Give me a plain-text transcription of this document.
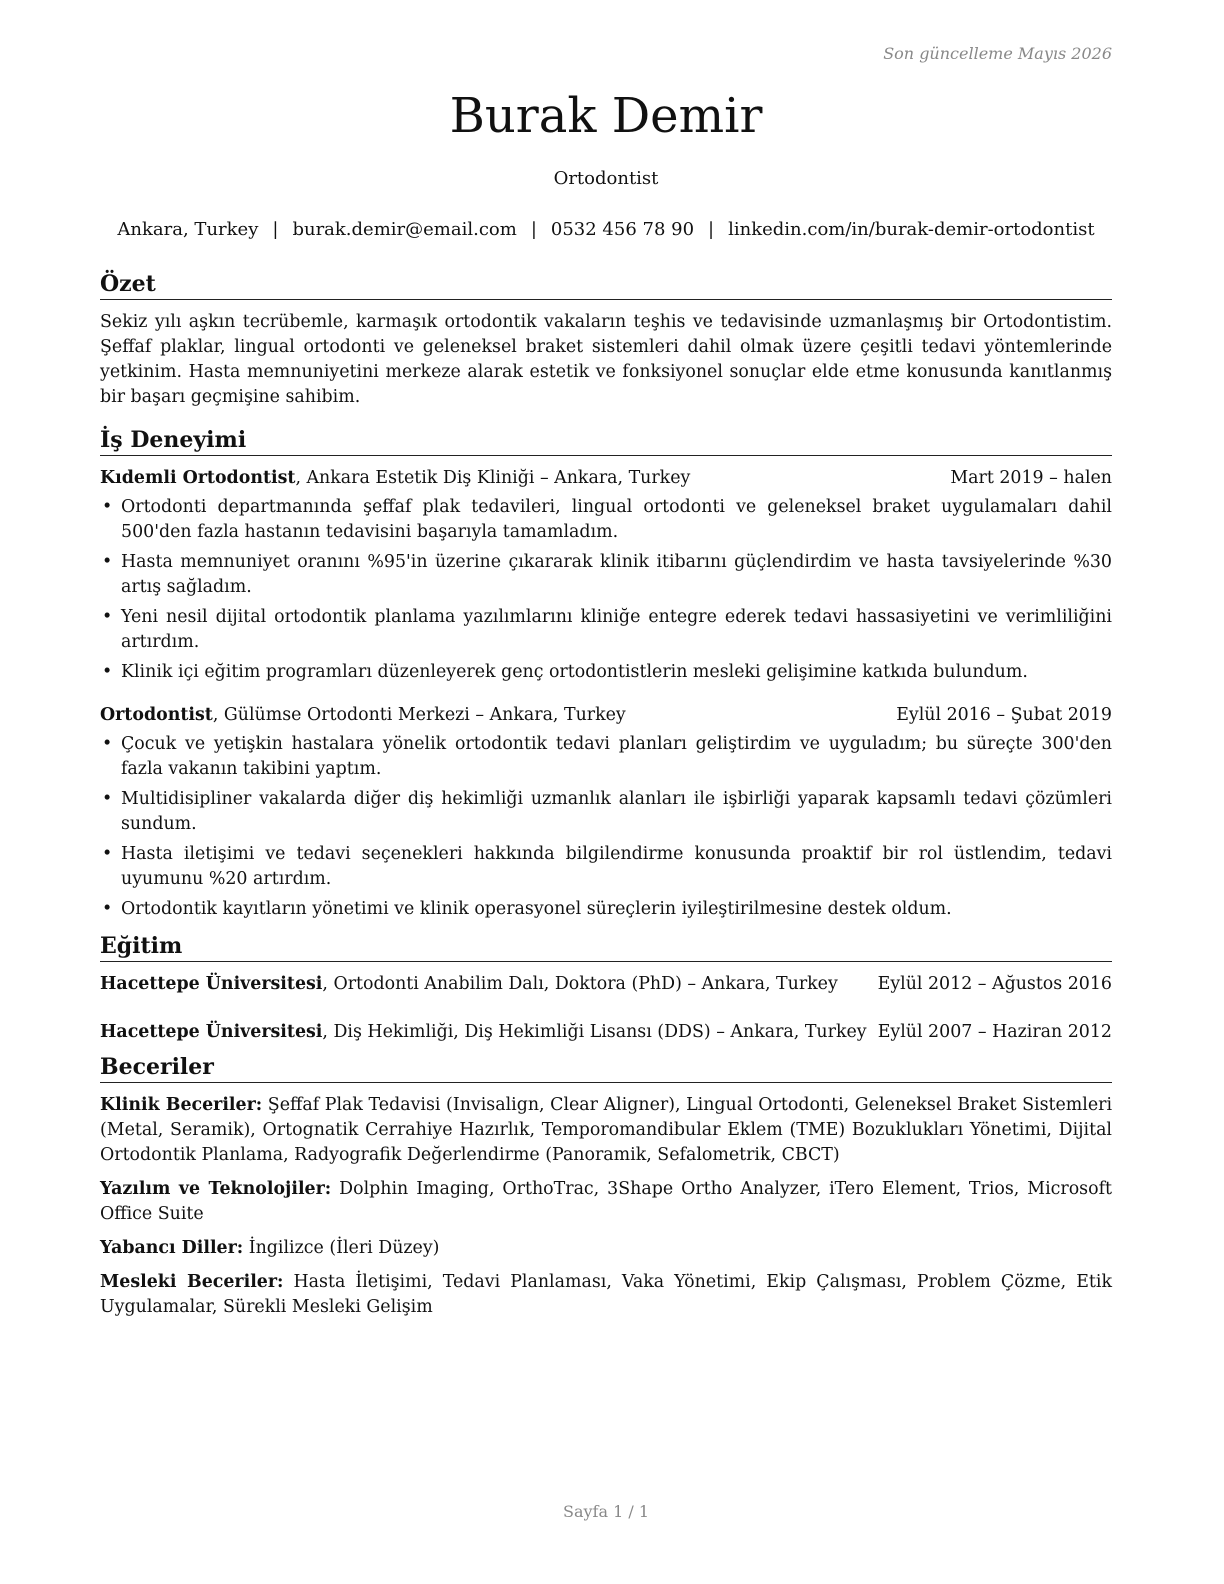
Son güncelleme Mayıs 2026
Burak Demir
Ortodontist
Ankara, Turkey | burak.demir@email.com | 0532 456 78 90 | linkedin.com/in/burak-demir-ortodontist
Özet

Sekiz yılı aşkın tecrübemle, karmaşık ortodontik vakaların teşhis ve tedavisinde uzmanlaşmış bir Ortodontistim. Şeffaf plaklar, lingual ortodonti ve geleneksel braket sistemleri dahil olmak üzere çeşitli tedavi yöntemlerinde yetkinim. Hasta memnuniyetini merkeze alarak estetik ve fonksiyonel sonuçlar elde etme konusunda kanıtlanmış bir başarı geçmişine sahibim.

İş Deneyimi
Kıdemli Ortodontist, Ankara Estetik Diş Kliniği – Ankara, Turkey	Mart 2019 – halen
• Ortodonti departmanında şeffaf plak tedavileri, lingual ortodonti ve geleneksel braket uygulamaları dahil 500'den fazla hastanın tedavisini başarıyla tamamladım.
• Hasta memnuniyet oranını %95'in üzerine çıkararak klinik itibarını güçlendirdim ve hasta tavsiyelerinde %30 artış sağladım.
• Yeni nesil dijital ortodontik planlama yazılımlarını kliniğe entegre ederek tedavi hassasiyetini ve verimliliğini artırdım.
• Klinik içi eğitim programları düzenleyerek genç ortodontistlerin mesleki gelişimine katkıda bulundum.
Ortodontist, Gülümse Ortodonti Merkezi – Ankara, Turkey	Eylül 2016 – Şubat 2019
• Çocuk ve yetişkin hastalara yönelik ortodontik tedavi planları geliştirdim ve uyguladım; bu süreçte 300'den fazla vakanın takibini yaptım.
• Multidisipliner vakalarda diğer diş hekimliği uzmanlık alanları ile işbirliği yaparak kapsamlı tedavi çözümleri sundum.
• Hasta iletişimi ve tedavi seçenekleri hakkında bilgilendirme konusunda proaktif bir rol üstlendim, tedavi uyumunu %20 artırdım.
• Ortodontik kayıtların yönetimi ve klinik operasyonel süreçlerin iyileştirilmesine destek oldum.
Eğitim
Hacettepe Üniversitesi, Ortodonti Anabilim Dalı, Doktora (PhD) – Ankara, Turkey Eylül 2012 – Ağustos 2016
Hacettepe Üniversitesi, Diş Hekimliği, Diş Hekimliği Lisansı (DDS) – Ankara, Turkey Eylül 2007 – Haziran 2012
Beceriler

Klinik Beceriler: Şeffaf Plak Tedavisi (Invisalign, Clear Aligner), Lingual Ortodonti, Geleneksel Braket Sistemleri (Metal, Seramik), Ortognatik Cerrahiye Hazırlık, Temporomandibular Eklem (TME) Bozuklukları Yönetimi, Dijital Ortodontik Planlama, Radyografik Değerlendirme (Panoramik, Sefalometrik, CBCT)

Yazılım ve Teknolojiler: Dolphin Imaging, OrthoTrac, 3Shape Ortho Analyzer, iTero Element, Trios, Microsoft Office Suite

Yabancı Diller: İngilizce (İleri Düzey)

Mesleki Beceriler: Hasta İletişimi, Tedavi Planlaması, Vaka Yönetimi, Ekip Çalışması, Problem Çözme, Etik Uygulamalar, Sürekli Mesleki Gelişim

Sayfa 1 / 1
